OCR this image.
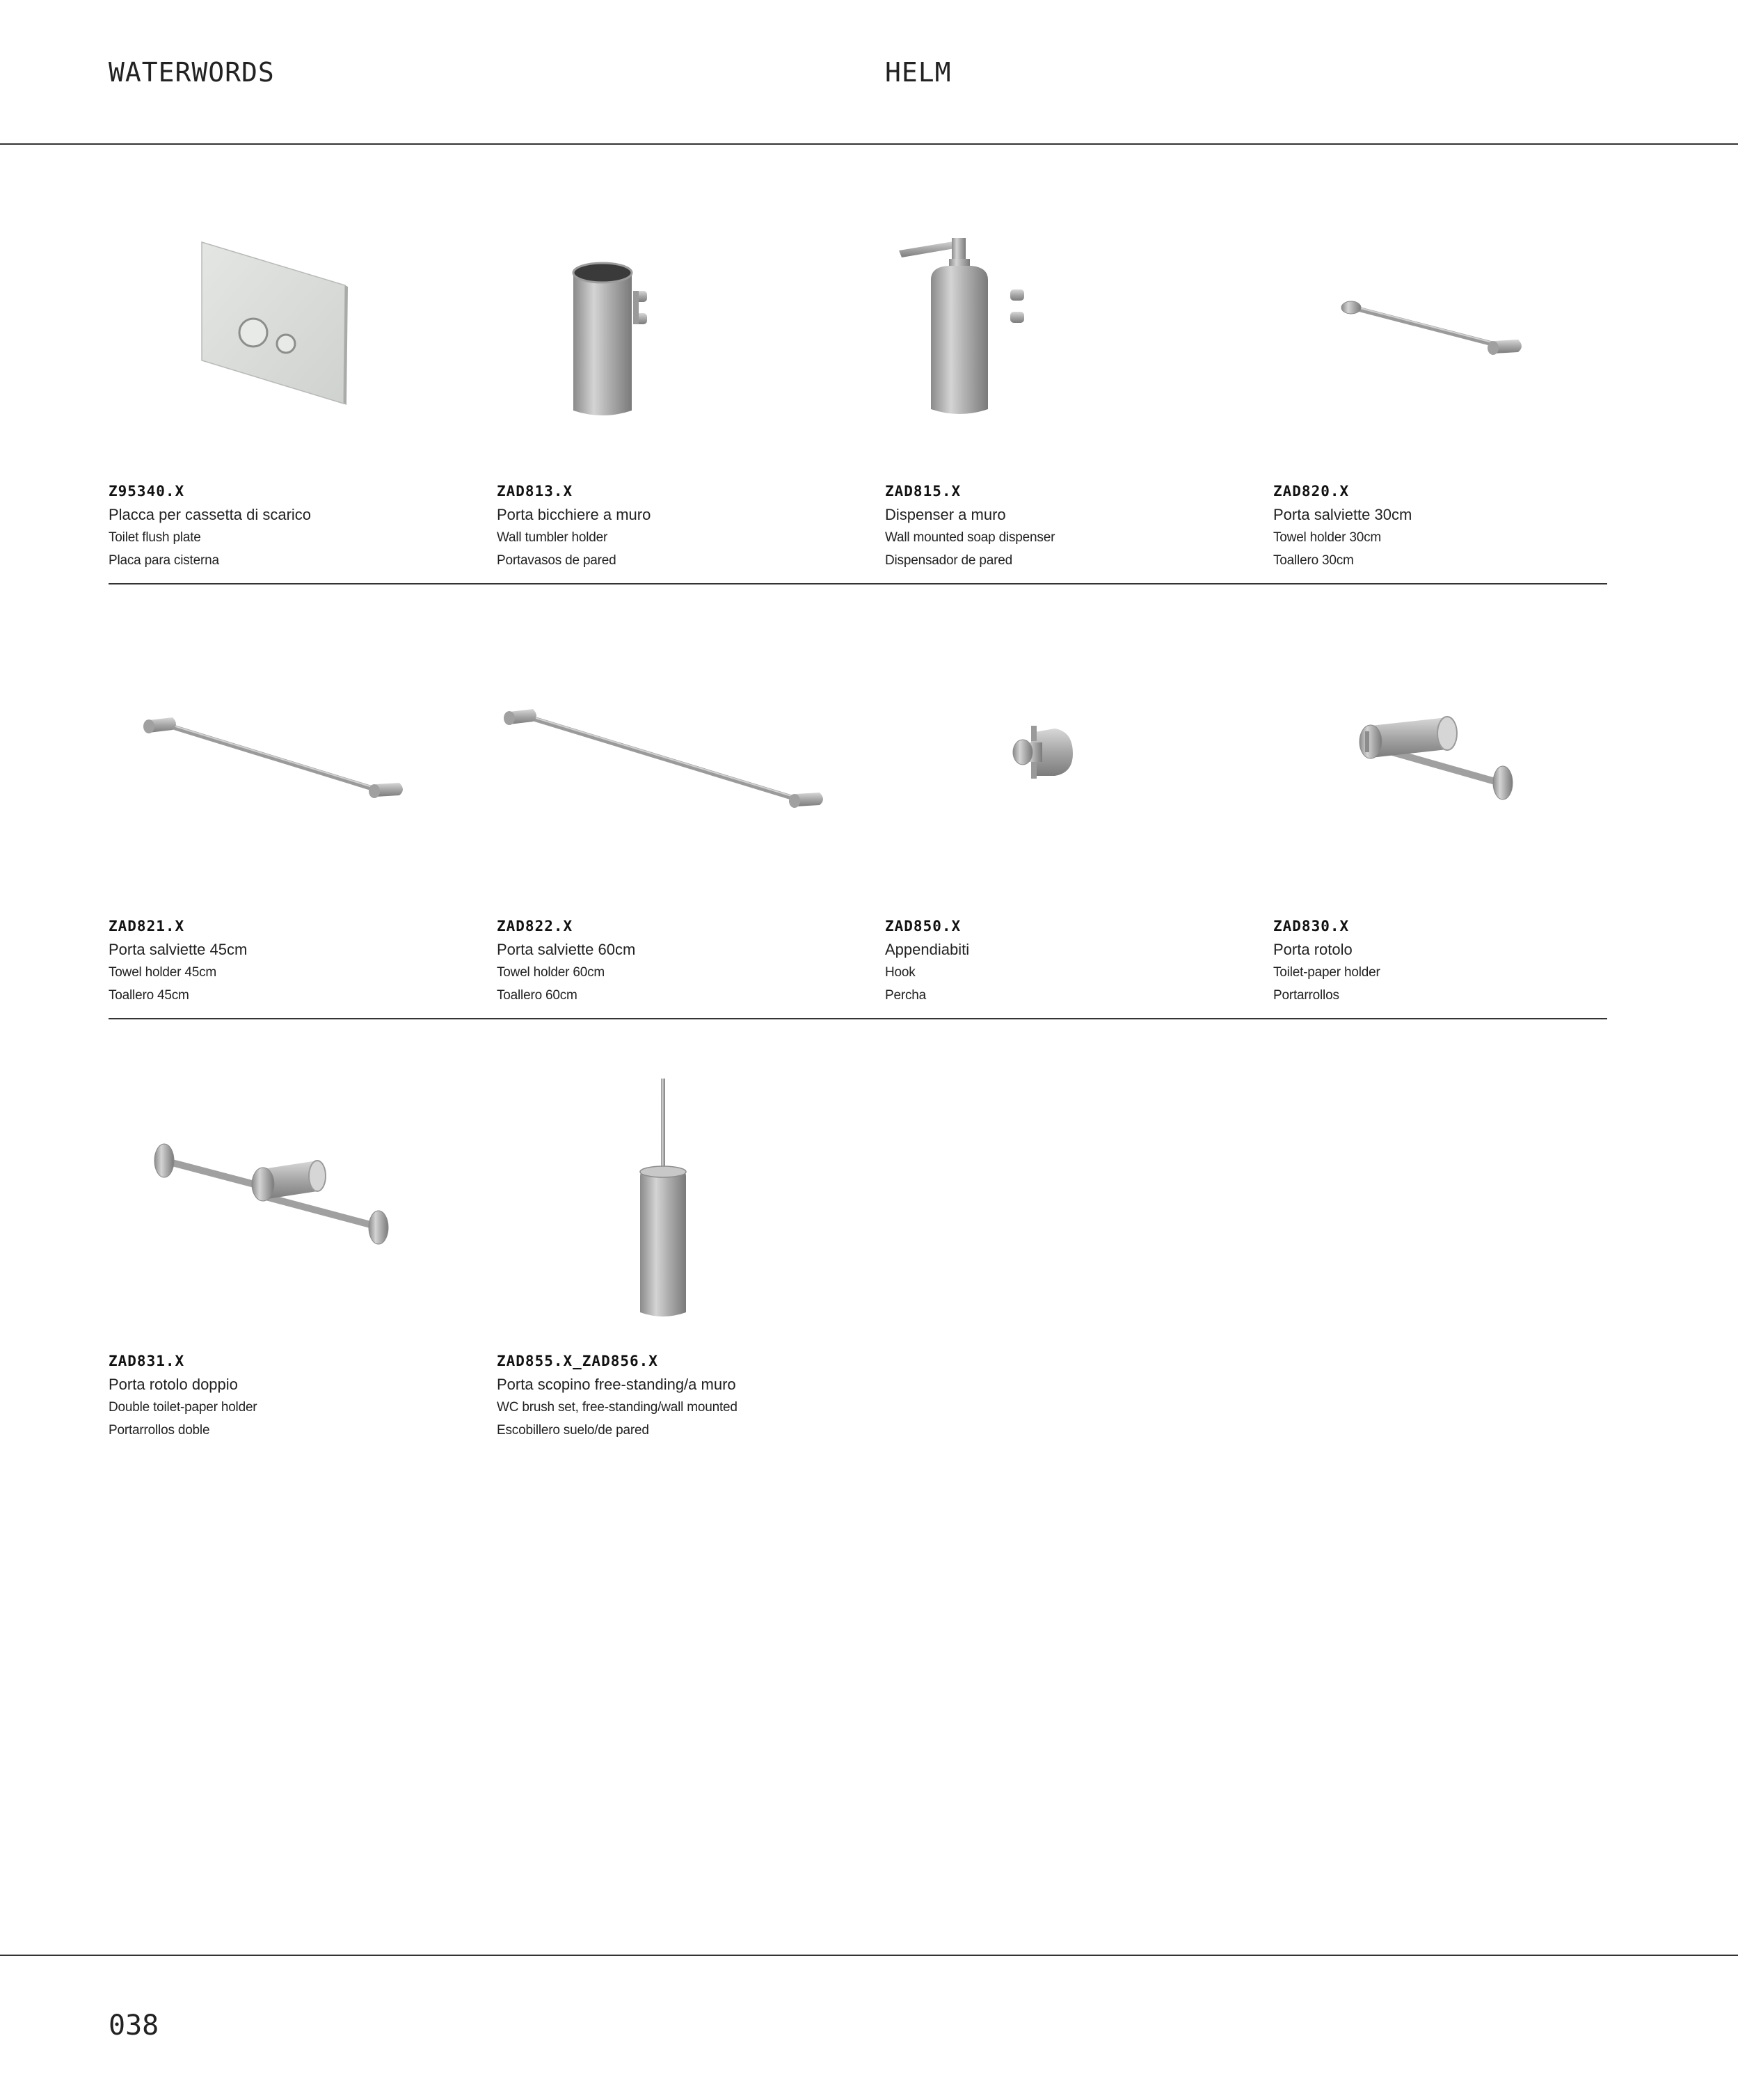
WATERWORDS	HELM
Z95340.X
Placca per cassetta di scarico
Toilet flush plate
Placa para cisterna
ZAD813.X
Porta bicchiere a muro
Wall tumbler holder
Portavasos de pared
ZAD815.X
Dispenser a muro
Wall mounted soap dispenser
Dispensador de pared
ZAD820.X
Porta salviette 30cm
Towel holder 30cm
Toallero 30cm
ZAD821.X
Porta salviette 45cm
Towel holder 45cm
Toallero 45cm
ZAD822.X
Porta salviette 60cm
Towel holder 60cm
Toallero 60cm
ZAD850.X
Appendiabiti
Hook
Percha
ZAD830.X
Porta rotolo
Toilet-paper holder
Portarrollos
ZAD831.X
Porta rotolo doppio
Double toilet-paper holder
Portarrollos doble
ZAD855.X_ZAD856.X
Porta scopino free-standing/a muro
WC brush set, free-standing/wall mounted
Escobillero suelo/de pared
038
